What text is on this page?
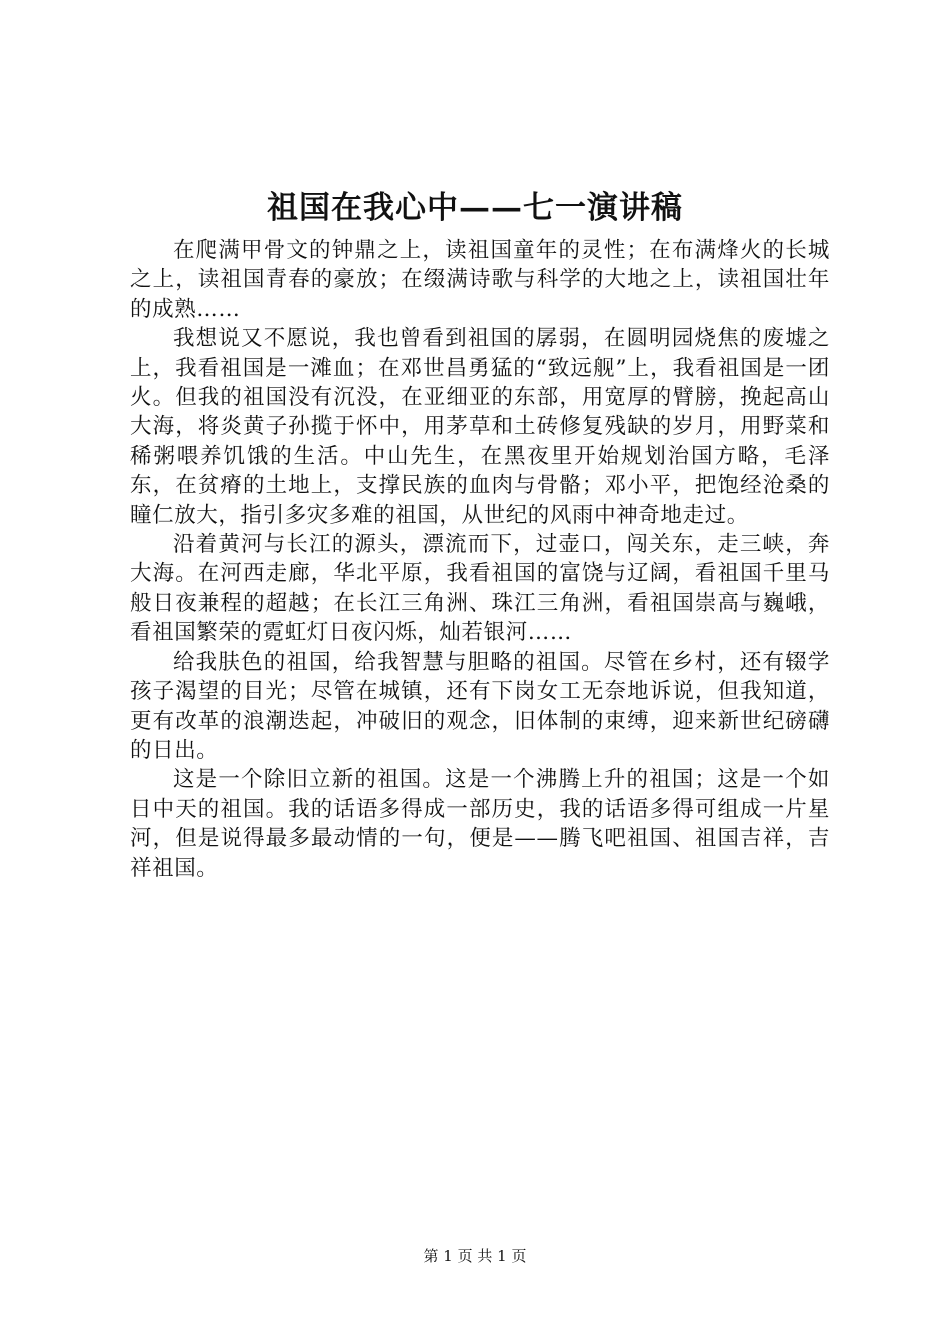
祖国在我心中——七一演讲稿

在爬满甲骨文的钟鼎之上，读祖国童年的灵性；在布满烽火的长城之上，读祖国青春的豪放；在缀满诗歌与科学的大地之上，读祖国壮年的成熟……

我想说又不愿说，我也曾看到祖国的孱弱，在圆明园烧焦的废墟之上，我看祖国是一滩血；在邓世昌勇猛的“致远舰”上，我看祖国是一团火。但我的祖国没有沉没，在亚细亚的东部，用宽厚的臂膀，挽起高山大海，将炎黄子孙揽于怀中，用茅草和土砖修复残缺的岁月，用野菜和稀粥喂养饥饿的生活。中山先生，在黑夜里开始规划治国方略，毛泽东，在贫瘠的土地上，支撑民族的血肉与骨骼；邓小平，把饱经沧桑的瞳仁放大，指引多灾多难的祖国，从世纪的风雨中神奇地走过。

沿着黄河与长江的源头，漂流而下，过壶口，闯关东，走三峡，奔大海。在河西走廊，华北平原，我看祖国的富饶与辽阔，看祖国千里马般日夜兼程的超越；在长江三角洲、珠江三角洲，看祖国崇高与巍峨，看祖国繁荣的霓虹灯日夜闪烁，灿若银河……

给我肤色的祖国，给我智慧与胆略的祖国。尽管在乡村，还有辍学孩子渴望的目光；尽管在城镇，还有下岗女工无奈地诉说，但我知道，更有改革的浪潮迭起，冲破旧的观念，旧体制的束缚，迎来新世纪磅礴的日出。

这是一个除旧立新的祖国。这是一个沸腾上升的祖国；这是一个如日中天的祖国。我的话语多得成一部历史，我的话语多得可组成一片星河，但是说得最多最动情的一句，便是——腾飞吧祖国、祖国吉祥，吉祥祖国。

第 1 页 共 1 页
